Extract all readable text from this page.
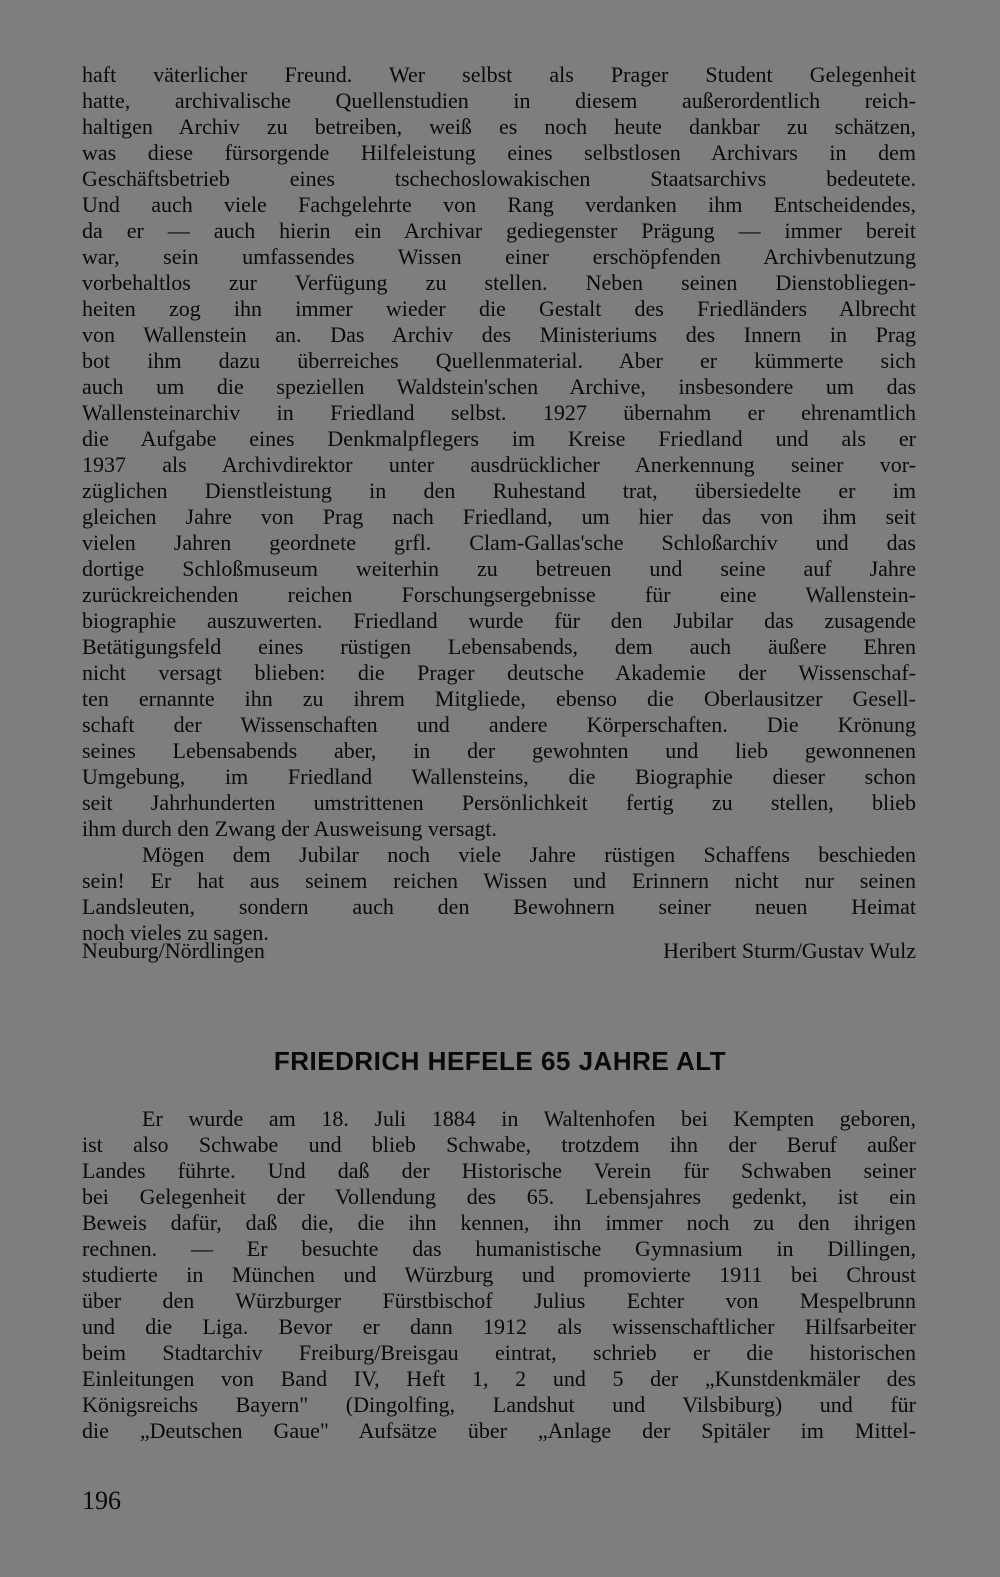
haft väterlicher Freund. Wer selbst als Prager Student Gelegenheit
hatte, archivalische Quellenstudien in diesem außerordentlich reich-
haltigen Archiv zu betreiben, weiß es noch heute dankbar zu schätzen,
was diese fürsorgende Hilfeleistung eines selbstlosen Archivars in dem
Geschäftsbetrieb eines tschechoslowakischen Staatsarchivs bedeutete.
Und auch viele Fachgelehrte von Rang verdanken ihm Entscheidendes,
da er — auch hierin ein Archivar gediegenster Prägung — immer bereit
war, sein umfassendes Wissen einer erschöpfenden Archivbenutzung
vorbehaltlos zur Verfügung zu stellen. Neben seinen Dienstobliegen-
heiten zog ihn immer wieder die Gestalt des Friedländers Albrecht
von Wallenstein an. Das Archiv des Ministeriums des Innern in Prag
bot ihm dazu überreiches Quellenmaterial. Aber er kümmerte sich
auch um die speziellen Waldstein'schen Archive, insbesondere um das
Wallensteinarchiv in Friedland selbst. 1927 übernahm er ehrenamtlich
die Aufgabe eines Denkmalpflegers im Kreise Friedland und als er
1937 als Archivdirektor unter ausdrücklicher Anerkennung seiner vor-
züglichen Dienstleistung in den Ruhestand trat, übersiedelte er im
gleichen Jahre von Prag nach Friedland, um hier das von ihm seit
vielen Jahren geordnete grfl. Clam-Gallas'sche Schloßarchiv und das
dortige Schloßmuseum weiterhin zu betreuen und seine auf Jahre
zurückreichenden reichen Forschungsergebnisse für eine Wallenstein-
biographie auszuwerten. Friedland wurde für den Jubilar das zusagende
Betätigungsfeld eines rüstigen Lebensabends, dem auch äußere Ehren
nicht versagt blieben: die Prager deutsche Akademie der Wissenschaf-
ten ernannte ihn zu ihrem Mitgliede, ebenso die Oberlausitzer Gesell-
schaft der Wissenschaften und andere Körperschaften. Die Krönung
seines Lebensabends aber, in der gewohnten und lieb gewonnenen
Umgebung, im Friedland Wallensteins, die Biographie dieser schon
seit Jahrhunderten umstrittenen Persönlichkeit fertig zu stellen, blieb
ihm durch den Zwang der Ausweisung versagt.
Mögen dem Jubilar noch viele Jahre rüstigen Schaffens beschieden
sein! Er hat aus seinem reichen Wissen und Erinnern nicht nur seinen
Landsleuten, sondern auch den Bewohnern seiner neuen Heimat
noch vieles zu sagen.
Neuburg/Nördlingen	Heribert Sturm/Gustav Wulz
FRIEDRICH HEFELE 65 JAHRE ALT
Er wurde am 18. Juli 1884 in Waltenhofen bei Kempten geboren,
ist also Schwabe und blieb Schwabe, trotzdem ihn der Beruf außer
Landes führte. Und daß der Historische Verein für Schwaben seiner
bei Gelegenheit der Vollendung des 65. Lebensjahres gedenkt, ist ein
Beweis dafür, daß die, die ihn kennen, ihn immer noch zu den ihrigen
rechnen. — Er besuchte das humanistische Gymnasium in Dillingen,
studierte in München und Würzburg und promovierte 1911 bei Chroust
über den Würzburger Fürstbischof Julius Echter von Mespelbrunn
und die Liga. Bevor er dann 1912 als wissenschaftlicher Hilfsarbeiter
beim Stadtarchiv Freiburg/Breisgau eintrat, schrieb er die historischen
Einleitungen von Band IV, Heft 1, 2 und 5 der „Kunstdenkmäler des
Königsreichs Bayern" (Dingolfing, Landshut und Vilsbiburg) und für
die „Deutschen Gaue" Aufsätze über „Anlage der Spitäler im Mittel-
196
